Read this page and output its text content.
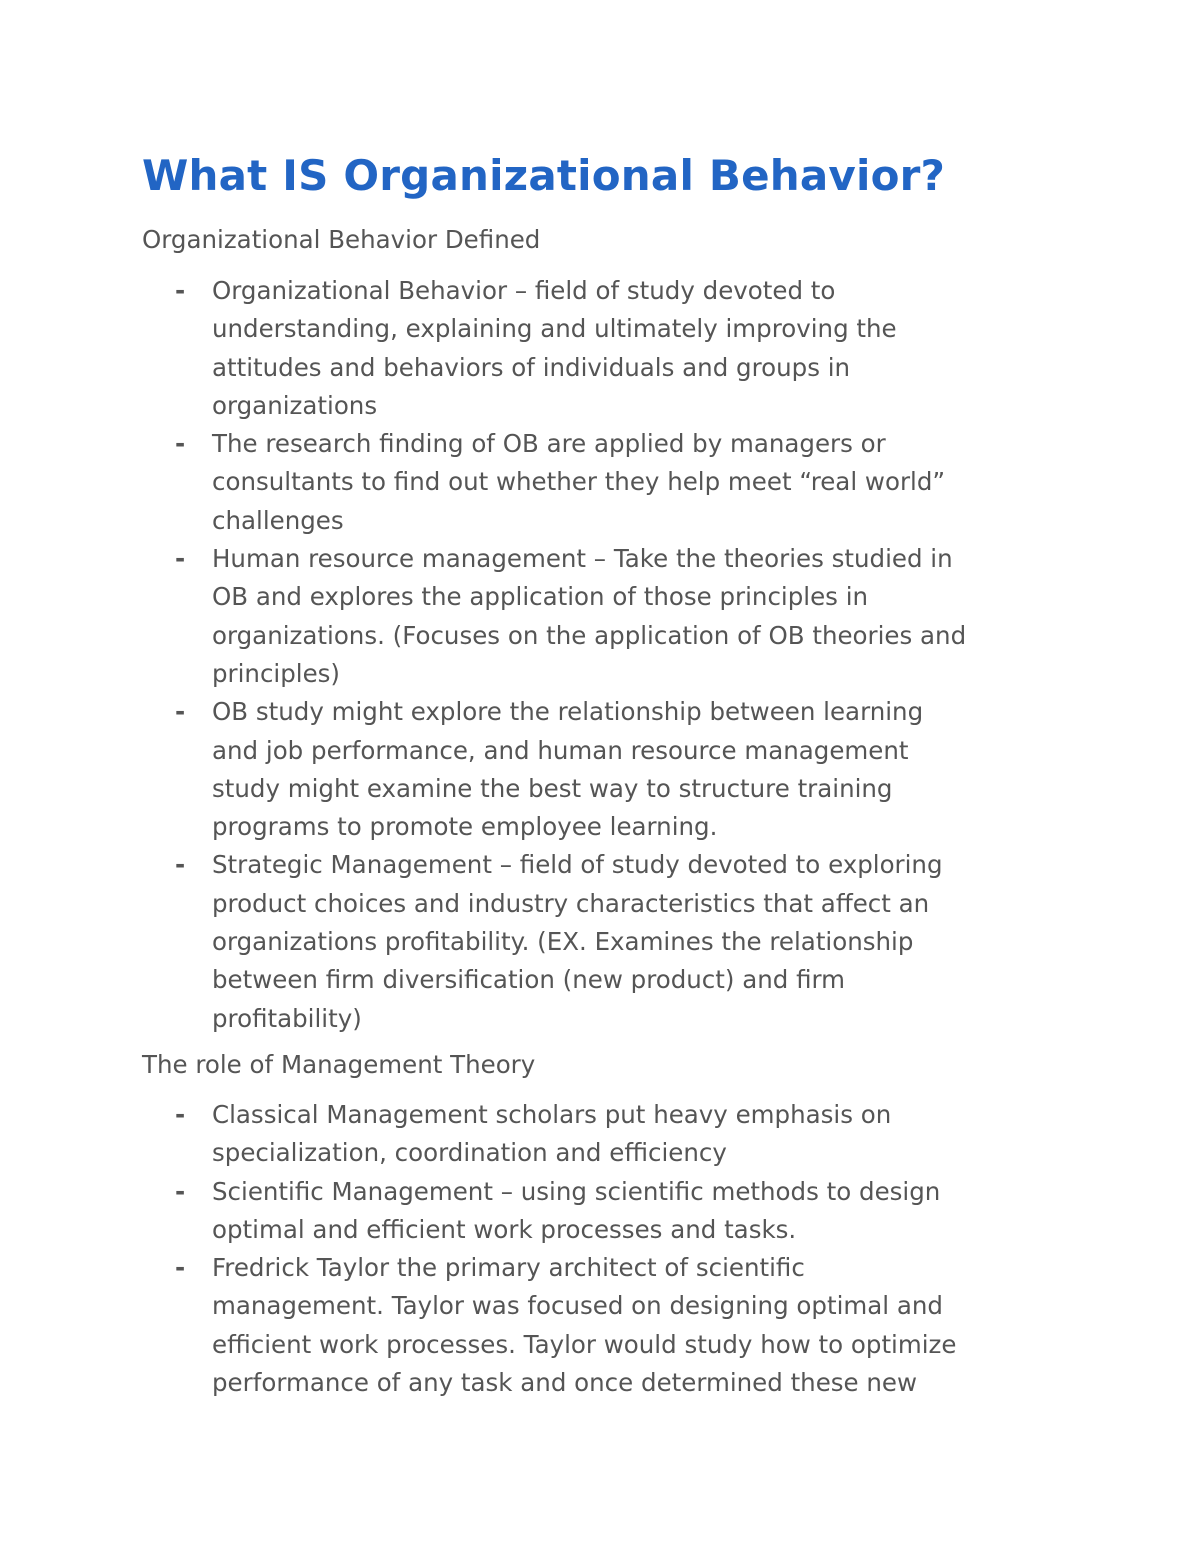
What IS Organizational Behavior?

Organizational Behavior Defined

- Organizational Behavior – field of study devoted to
understanding, explaining and ultimately improving the
attitudes and behaviors of individuals and groups in
organizations
- The research finding of OB are applied by managers or
consultants to find out whether they help meet “real world”
challenges
- Human resource management – Take the theories studied in
OB and explores the application of those principles in
organizations. (Focuses on the application of OB theories and
principles)
- OB study might explore the relationship between learning
and job performance, and human resource management
study might examine the best way to structure training
programs to promote employee learning.
- Strategic Management – field of study devoted to exploring
product choices and industry characteristics that affect an
organizations profitability. (EX. Examines the relationship
between firm diversification (new product) and firm
profitability)

The role of Management Theory

- Classical Management scholars put heavy emphasis on
specialization, coordination and efficiency
- Scientific Management – using scientific methods to design
optimal and efficient work processes and tasks.
- Fredrick Taylor the primary architect of scientific
management. Taylor was focused on designing optimal and
efficient work processes. Taylor would study how to optimize
performance of any task and once determined these new
